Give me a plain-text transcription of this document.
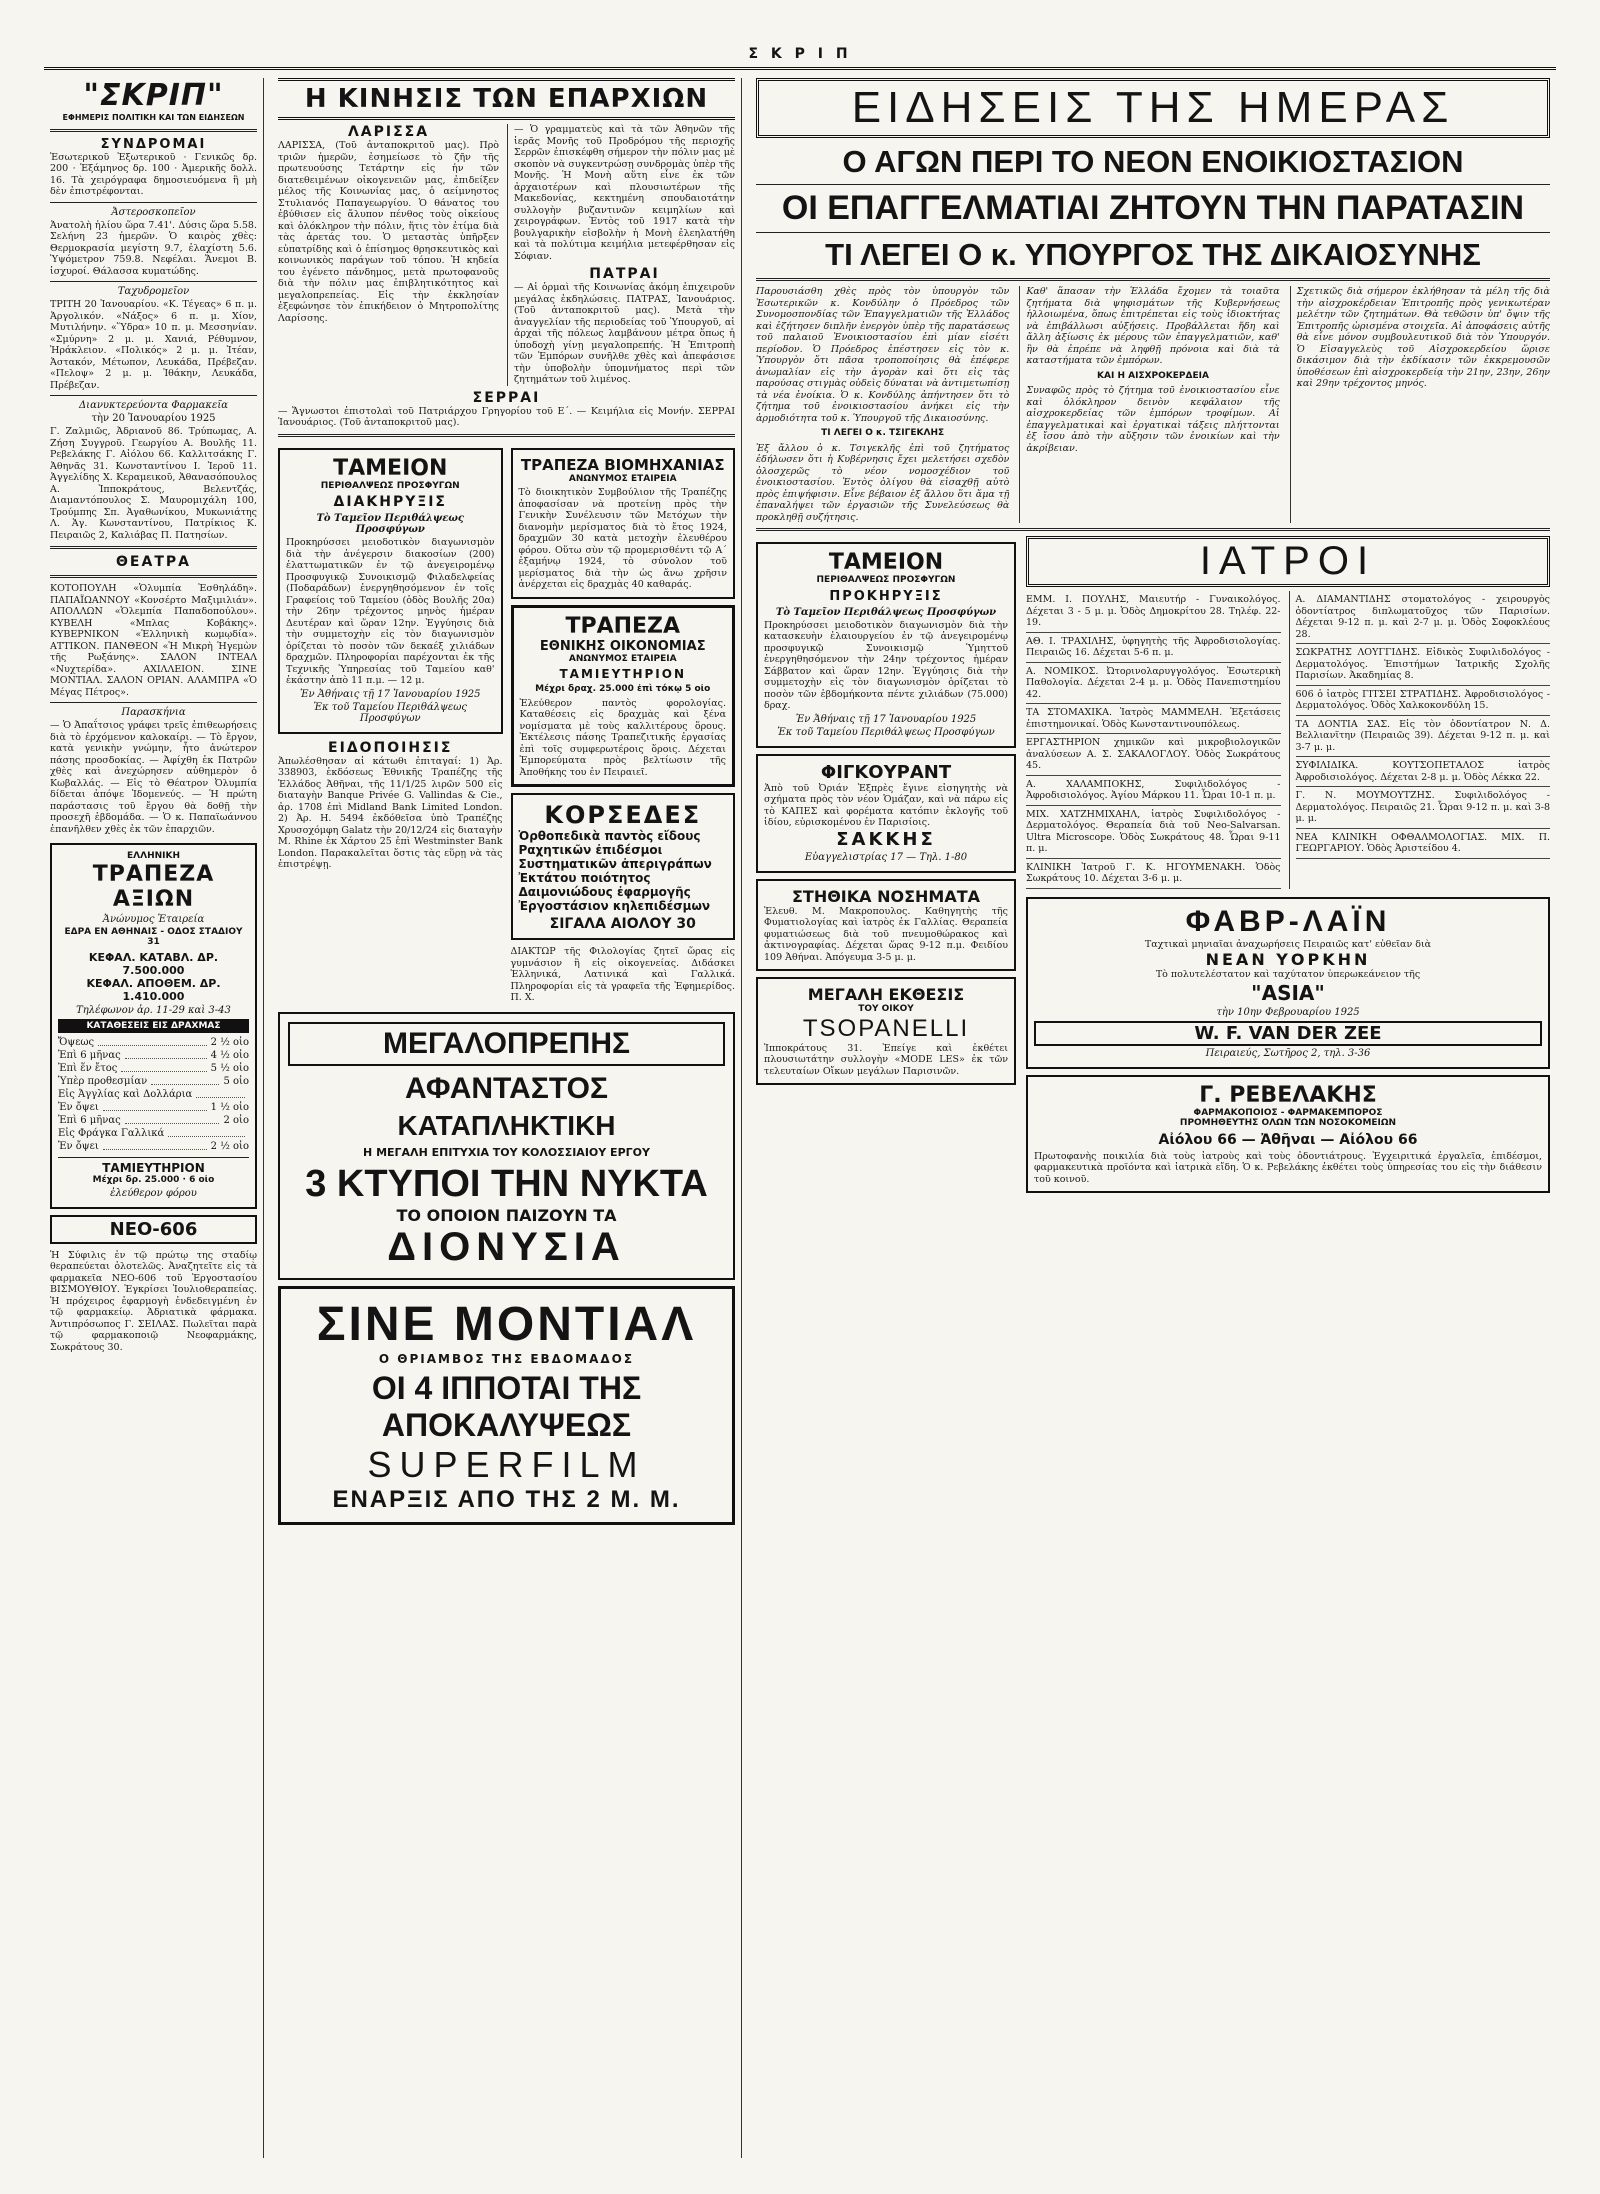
Σ Κ Ρ Ι Π
"ΣΚΡΙΠ"
ΕΦΗΜΕΡΙΣ ΠΟΛΙΤΙΚΗ ΚΑΙ ΤΩΝ ΕΙΔΗΣΕΩΝ
ΣΥΝΔΡΟΜΑΙ
Ἐσωτερικοῦ Ἐξωτερικοῦ · Γενικῶς δρ. 200 · Ἑξάμηνος δρ. 100 · Ἀμερικῆς δολλ. 16. Τὰ χειρόγραφα δημοσιευόμενα ἢ μὴ δὲν ἐπιστρέφονται.
Ἀστεροσκοπεῖον
Ἀνατολὴ ἡλίου ὥρα 7.41'. Δύσις ὥρα 5.58. Σελήνη 23 ἡμερῶν. Ὁ καιρὸς χθὲς: Θερμοκρασία μεγίστη 9.7, ἐλαχίστη 5.6. Ὑψόμετρον 759.8. Νεφέλαι. Ἄνεμοι Β. ἰσχυροί. Θάλασσα κυματώδης.
Ταχυδρομεῖον
ΤΡΙΤΗ 20 Ἰανουαρίου. «Κ. Τέγεας» 6 π. μ. Ἀργολικόν. «Νάξος» 6 π. μ. Χίον, Μυτιλήνην. «Ὕδρα» 10 π. μ. Μεσσηνίαν. «Σμύρνη» 2 μ. μ. Χανιά, Ρέθυμνον, Ἡράκλειον. «Πολικός» 2 μ. μ. Ἰτέαν, Ἀστακόν, Μέτωπον, Λευκάδα, Πρέβεζαν. «Πελοψ» 2 μ. μ. Ἰθάκην, Λευκάδα, Πρέβεζαν.
Διανυκτερεύοντα Φαρμακεῖα
τὴν 20 Ἰανουαρίου 1925
Γ. Ζαλμιῶς, Ἀδριανοῦ 86. Τρύπωμας, Α. Ζήση Συγγροῦ. Γεωργίου Α. Βουλῆς 11. Ρεβελάκης Γ. Αἰόλου 66. Καλλιτσάκης Γ. Ἀθηνᾶς 31. Κωνσταντίνου Ι. Ἱεροῦ 11. Ἀγγελίδης Χ. Κεραμεικοῦ, Ἀθανασόπουλος Α. Ἰπποκράτους, Βελεντζάς, Διαμαντόπουλος Σ. Μαυρομιχάλη 100, Τρούμπης Σπ. Ἀγαθωνίκου, Μυκωνιάτης Λ. Ἁγ. Κωνσταντίνου, Πατρίκιος Κ. Πειραιῶς 2, Καλιάβας Π. Πατησίων.
ΘΕΑΤΡΑ
ΚΟΤΟΠΟΥΛΗ «Ὁλυμπία Ἐσθηλάδη». ΠΑΠΑΪΩΑΝΝΟΥ «Κονσέρτο Μαξιμιλιάν». ΑΠΟΛΛΩΝ «Ὁλεμπία Παπαδοπούλου». ΚΥΒΕΛΗ «Μπλας Κοβάκης». ΚΥΒΕΡΝΙΚΟΝ «Ἑλληνικὴ κωμῳδία». ΑΤΤΙΚΟΝ. ΠΑΝΘΕΟΝ «Ἡ Μικρὴ Ἡγεμὼν τῆς Ρωξάνης». ΣΑΛΟΝ ΙΝΤΕΑΛ «Νυχτερίδα». ΑΧΙΛΛΕΙΟΝ. ΣΙΝΕ ΜΟΝΤΙΑΛ. ΣΑΛΟΝ ΟΡΙΑΝ. ΑΛΑΜΠΡΑ «Ὁ Μέγας Πέτρος».
Παρασκήνια
— Ὁ Ἀπαΐτσιος γράφει τρεῖς ἐπιθεωρήσεις διὰ τὸ ἐρχόμενον καλοκαίρι. — Τὸ ἔργον, κατὰ γενικὴν γνώμην, ἦτο ἀνώτερον πάσης προσδοκίας. — Ἀφίχθη ἐκ Πατρῶν χθὲς καὶ ἀνεχώρησεν αὐθημερὸν ὁ Κωβαλλάς. — Εἰς τὸ Θέατρον Ὀλυμπία δίδεται ἀπόψε Ἰδομενεύς. — Ἡ πρώτη παράστασις τοῦ ἔργου θὰ δοθῇ τὴν προσεχῆ ἑβδομάδα. — Ὁ κ. Παπαϊωάννου ἐπανῆλθεν χθὲς ἐκ τῶν ἐπαρχιῶν.
ΕΛΛΗΝΙΚΗ
ΤΡΑΠΕΖΑ ΑΞΙΩΝ
Ἀνώνυμος Ἑταιρεία
ΕΔΡΑ ΕΝ ΑΘΗΝΑΙΣ - ΟΔΟΣ ΣΤΑΔΙΟΥ 31
ΚΕΦΑΛ. ΚΑΤΑΒΛ. ΔΡ. 7.500.000
ΚΕΦΑΛ. ΑΠΟΘΕΜ. ΔΡ. 1.410.000
Τηλέφωνον ἀρ. 11-29 καὶ 3-43
ΚΑΤΑΘΕΣΕΙΣ ΕΙΣ ΔΡΑΧΜΑΣ
Ὄψεως	2 ½ οἰο
Ἐπὶ 6 μῆνας	4 ½ οἰο
Ἐπὶ ἕν ἔτος	5 ½ οἰο
Ὑπὲρ προθεσμίαν	5 οἰο
Εἰς Ἀγγλίας καὶ Δολλάρια
Ἐν ὄψει	1 ½ οἰο
Ἐπὶ 6 μῆνας	2 οἰο
Εἰς Φράγκα Γαλλικά
Ἐν ὄψει	2 ½ οἰο
ΤΑΜΙΕΥΤΗΡΙΟΝ
Μέχρι δρ. 25.000 · 6 οἰο
ἐλεύθερον φόρου
ΝΕΟ-606
Ἡ Σύφιλις ἐν τῷ πρώτῳ της σταδίῳ θεραπεύεται ὁλοτελῶς. Ἀναζητεῖτε εἰς τὰ φαρμακεῖα ΝΕΟ-606 τοῦ Ἐργοστασίου ΒΙΣΜΟΥΘΙΟΥ. Ἐγκρίσει Ἰουλιοθεραπείας. Ἡ πρόχειρος ἐφαρμογὴ ἐνδεδειγμένη ἐν τῷ φαρμακείῳ. Ἀδριατικὰ φάρμακα. Ἀντιπρόσωπος Γ. ΣΕΙΛΑΣ. Πωλεῖται παρὰ τῷ φαρμακοποιῷ Νεοφαρμάκης, Σωκράτους 30.
Η ΚΙΝΗΣΙΣ ΤΩΝ ΕΠΑΡΧΙΩΝ
ΛΑΡΙΣΣΑ
ΛΑΡΙΣΣΑ, (Τοῦ ἀνταποκριτοῦ μας). Πρὸ τριῶν ἡμερῶν, ἐσημείωσε τὸ ζῆν τῆς πρωτευούσης Τετάρτην εἰς ἡν τῶν διατεθειμένων οἰκογενειῶν μας, ἐπιδείξεν μέλος τῆς Κοινωνίας μας, ὁ αείμνηστος Στυλιανός Παπαγεωργίου. Ὁ θάνατος του ἐβύθισεν εἰς ἄλυπον πένθος τοὺς οἰκείους καὶ ὁλόκληρον τὴν πόλιν, ἥτις τὸν ἐτίμα διὰ τὰς ἀρετάς του. Ὁ μεταστὰς ὑπῆρξεν εὐπατρίδης καὶ ὁ ἐπίσημος θρησκευτικὸς καὶ κοινωνικὸς παράγων τοῦ τόπου. Ἡ κηδεία του ἐγένετο πάνδημος, μετὰ πρωτοφανοῦς διὰ τὴν πόλιν μας ἐπιβλητικότητος καὶ μεγαλοπρεπείας. Εἰς τὴν ἐκκλησίαν ἐξεφώνησε τὸν ἐπικήδειον ὁ Μητροπολίτης Λαρίσσης.
— Ὁ γραμματεὺς καὶ τὰ τῶν Ἀθηνῶν τῆς ἱερᾶς Μονῆς τοῦ Προδρόμου τῆς περιοχῆς Σερρῶν ἐπισκέφθη σήμερον τὴν πόλιν μας μὲ σκοπὸν νὰ συγκεντρώσῃ συνδρομὰς ὑπὲρ τῆς Μονῆς. Ἡ Μονὴ αὕτη εἶνε ἐκ τῶν ἀρχαιοτέρων καὶ πλουσιωτέρων τῆς Μακεδονίας, κεκτημένη σπουδαιοτάτην συλλογὴν βυζαντινῶν κειμηλίων καὶ χειρογράφων. Ἐντὸς τοῦ 1917 κατὰ τὴν βουλγαρικὴν εἰσβολὴν ἡ Μονὴ ἐλεηλατήθη καὶ τὰ πολύτιμα κειμήλια μετεφέρθησαν εἰς Σόφιαν.
ΠΑΤΡΑΙ
— Αἱ ὁρμαὶ τῆς Κοινωνίας ἀκόμη ἐπιχειροῦν μεγάλας ἐκδηλώσεις. ΠΑΤΡΑΣ, Ἰανουάριος. (Τοῦ ἀνταποκριτοῦ μας). Μετὰ τὴν ἀναγγελίαν τῆς περιοδείας τοῦ Ὑπουργοῦ, αἱ ἀρχαὶ τῆς πόλεως λαμβάνουν μέτρα ὅπως ἡ ὑποδοχὴ γίνῃ μεγαλοπρεπής. Ἡ Ἐπιτροπὴ τῶν Ἐμπόρων συνῆλθε χθὲς καὶ ἀπεφάσισε τὴν ὑποβολὴν ὑπομνήματος περὶ τῶν ζητημάτων τοῦ λιμένος.
ΣΕΡΡΑΙ
— Ἄγνωστοι ἐπιστολαὶ τοῦ Πατριάρχου Γρηγορίου τοῦ Ε΄. — Κειμήλια εἰς Μονήν. ΣΕΡΡΑΙ Ἰανουάριος. (Τοῦ ἀνταποκριτοῦ μας).
ΤΑΜΕΙΟΝ
ΠΕΡΙΘΑΛΨΕΩΣ ΠΡΟΣΦΥΓΩΝ
ΔΙΑΚΗΡΥΞΙΣ
Τὸ Ταμεῖον Περιθάλψεως Προσφύγων
Προκηρύσσει μειοδοτικὸν διαγωνισμὸν διὰ τὴν ἀνέγερσιν διακοσίων (200) ἐλαττωματικῶν ἐν τῷ ἀνεγειρομένῳ Προσφυγικῷ Συνοικισμῷ Φιλαδελφείας (Ποδαράδων) ἐνεργηθησόμενον ἐν τοῖς Γραφείοις τοῦ Ταμείου (ὁδὸς Βουλῆς 20α) τὴν 26ην τρέχοντος μηνὸς ἡμέραν Δευτέραν καὶ ὥραν 12ην. Ἐγγύησις διὰ τὴν συμμετοχὴν εἰς τὸν διαγωνισμὸν ὁρίζεται τὸ ποσὸν τῶν δεκαέξ χιλιάδων δραχμῶν. Πληροφορίαι παρέχονται ἐκ τῆς Τεχνικῆς Ὑπηρεσίας τοῦ Ταμείου καθ' ἑκάστην ἀπὸ 11 π.μ. — 12 μ.
Ἐν Ἀθήναις τῇ 17 Ἰανουαρίου 1925
Ἐκ τοῦ Ταμείου Περιθάλψεως Προσφύγων
ΕΙΔΟΠΟΙΗΣΙΣ
Ἀπωλέσθησαν αἱ κάτωθι ἐπιταγαί: 1) Ἀρ. 338903, ἐκδόσεως Ἐθνικῆς Τραπέζης τῆς Ἑλλάδος Ἀθῆναι, τῆς 11/1/25 λιρῶν 500 εἰς διαταγὴν Banque Privée G. Vallindas & Cie., ἀρ. 1708 ἐπὶ Midland Bank Limited London. 2) Ἀρ. Η. 5494 ἐκδόθεῖσα ὑπὸ Τραπέζης Χρυσοχόμφη Galatz τὴν 20/12/24 εἰς διαταγὴν Μ. Rhine ἐκ Χάρτου 25 ἐπὶ Westminster Bank London. Παρακαλεῖται ὅστις τὰς εὕρῃ νὰ τὰς ἐπιστρέψῃ.
ΤΡΑΠΕΖΑ ΒΙΟΜΗΧΑΝΙΑΣ
ΑΝΩΝΥΜΟΣ ΕΤΑΙΡΕΙΑ
Τὸ διοικητικὸν Συμβούλιον τῆς Τραπέζης ἀποφασίσαν νὰ προτείνῃ πρὸς τὴν Γενικὴν Συνέλευσιν τῶν Μετόχων τὴν διανομὴν μερίσματος διὰ τὸ ἔτος 1924, δραχμῶν 30 κατὰ μετοχὴν ἐλευθέρου φόρου. Οὕτω σὺν τῷ προμερισθέντι τῷ Α΄ ἑξαμήνῳ 1924, τὸ σύνολον τοῦ μερίσματος διὰ τὴν ὡς ἄνω χρῆσιν ἀνέρχεται εἰς δραχμὰς 40 καθαράς.
ΤΡΑΠΕΖΑ
ΕΘΝΙΚΗΣ ΟΙΚΟΝΟΜΙΑΣ
ΑΝΩΝΥΜΟΣ ΕΤΑΙΡΕΙΑ
ΤΑΜΙΕΥΤΗΡΙΟΝ
Μέχρι δραχ. 25.000 ἐπὶ τόκῳ 5 οἰο
Ἐλεύθερον παντὸς φορολογίας. Καταθέσεις εἰς δραχμὰς καὶ ξένα νομίσματα μὲ τοὺς καλλιτέρους ὅρους. Ἐκτέλεσις πάσης Τραπεζιτικῆς ἐργασίας ἐπὶ τοῖς συμφερωτέροις ὅροις. Δέχεται Ἐμπορεύματα πρὸς βελτίωσιν τῆς Ἀποθήκης του ἐν Πειραιεῖ.
ΚΟΡΣΕΔΕΣ
Ὀρθοπεδικὰ παντὸς εἴδους
Ραχητικῶν ἐπιδέσμοι
Συστηματικῶν ἀπεριγράπων
Ἐκτάτου ποιότητος
Δαιμονιώδους ἐφαρμογῆς
Ἐργοστάσιον κηλεπιδέσμων
ΣΙΓΑΛΑ ΑΙΟΛΟΥ 30
ΔΙΑΚΤΩΡ τῆς Φιλολογίας ζητεῖ ὥρας εἰς γυμνάσιον ἢ εἰς οἰκογενείας. Διδάσκει Ἑλληνικά, Λατινικά καὶ Γαλλικά. Πληροφορίαι εἰς τὰ γραφεῖα τῆς Ἐφημερίδος. Π. Χ.
ΜΕΓΑΛΟΠΡΕΠΗΣ
ΑΦΑΝΤΑΣΤΟΣ
ΚΑΤΑΠΛΗΚΤΙΚΗ
Η ΜΕΓΑΛΗ ΕΠΙΤΥΧΙΑ ΤΟΥ ΚΟΛΟΣΣΙΑΙΟΥ ΕΡΓΟΥ
3 ΚΤΥΠΟΙ ΤΗΝ ΝΥΚΤΑ
ΤΟ ΟΠΟΙΟΝ ΠΑΙΖΟΥΝ ΤΑ
ΔΙΟΝΥΣΙΑ
ΣΙΝΕ ΜΟΝΤΙΑΛ
Ο ΘΡΙΑΜΒΟΣ ΤΗΣ ΕΒΔΟΜΑΔΟΣ
ΟΙ 4 ΙΠΠΟΤΑΙ ΤΗΣ ΑΠΟΚΑΛΥΨΕΩΣ
SUPERFILM
ΕΝΑΡΞΙΣ ΑΠΟ ΤΗΣ 2 Μ. Μ.
ΕΙΔΗΣΕΙΣ ΤΗΣ ΗΜΕΡΑΣ
Ο ΑΓΩΝ ΠΕΡΙ ΤΟ ΝΕΟΝ ΕΝΟΙΚΙΟΣΤΑΣΙΟΝ
ΟΙ ΕΠΑΓΓΕΛΜΑΤΙΑΙ ΖΗΤΟΥΝ ΤΗΝ ΠΑΡΑΤΑΣΙΝ
ΤΙ ΛΕΓΕΙ Ο κ. ΥΠΟΥΡΓΟΣ ΤΗΣ ΔΙΚΑΙΟΣΥΝΗΣ
Παρουσιάσθη χθὲς πρὸς τὸν ὑπουργὸν τῶν Ἐσωτερικῶν κ. Κονδύλην ὁ Πρόεδρος τῶν Συνομοσπονδίας τῶν Ἐπαγγελματιῶν τῆς Ἑλλάδος καὶ ἐζήτησεν διπλῆν ἐνεργὸν ὑπὲρ τῆς παρατάσεως τοῦ παλαιοῦ Ἐνοικιοστασίου ἐπὶ μίαν εἰσέτι περίοδον. Ὁ Πρόεδρος ἐπέστησεν εἰς τὸν κ. Ὑπουργὸν ὅτι πᾶσα τροποποίησις θὰ ἐπέφερε ἀνωμαλίαν εἰς τὴν ἀγορὰν καὶ ὅτι εἰς τὰς παρούσας στιγμὰς οὐδεὶς δύναται νὰ ἀντιμετωπίσῃ τὰ νέα ἐνοίκια. Ὁ κ. Κονδύλης ἀπήντησεν ὅτι τὸ ζήτημα τοῦ ἐνοικιοστασίου ἀνήκει εἰς τὴν ἁρμοδιότητα τοῦ κ. Ὑπουργοῦ τῆς Δικαιοσύνης.
ΤΙ ΛΕΓΕΙ Ο κ. ΤΣΙΓΕΚΛΗΣ
Ἐξ ἄλλου ὁ κ. Τσιγεκλῆς ἐπὶ τοῦ ζητήματος ἐδήλωσεν ὅτι ἡ Κυβέρνησις ἔχει μελετήσει σχεδὸν ὁλοσχερῶς τὸ νέον νομοσχέδιον τοῦ ἐνοικιοστασίου. Ἐντὸς ὀλίγου θὰ εἰσαχθῇ αὐτὸ πρὸς ἐπιψήφισιν. Εἶνε βέβαιον ἐξ ἄλλου ὅτι ἅμα τῇ ἐπαναλήψει τῶν ἐργασιῶν τῆς Συνελεύσεως θὰ προκληθῇ συζήτησις.
Καθ' ἅπασαν τὴν Ἑλλάδα ἔχομεν τὰ τοιαῦτα ζητήματα διὰ ψηφισμάτων τῆς Κυβερνήσεως ἠλλοιωμένα, ὅπως ἐπιτρέπεται εἰς τοὺς ἰδιοκτήτας νὰ ἐπιβάλλωσι αὐξήσεις. Προβάλλεται ἤδη καὶ ἄλλη ἀξίωσις ἐκ μέρους τῶν ἐπαγγελματιῶν, καθ' ἣν θὰ ἐπρέπε νὰ ληφθῇ πρόνοια καὶ διὰ τὰ καταστήματα τῶν ἐμπόρων.
ΚΑΙ Η ΑΙΣΧΡΟΚΕΡΔΕΙΑ
Συναφῶς πρὸς τὸ ζήτημα τοῦ ἐνοικιοστασίου εἶνε καὶ ὁλόκληρον δεινὸν κεφάλαιον τῆς αἰσχροκερδείας τῶν ἐμπόρων τροφίμων. Αἱ ἐπαγγελματικαὶ καὶ ἐργατικαὶ τάξεις πλήττονται ἐξ ἴσου ἀπὸ τὴν αὔξησιν τῶν ἐνοικίων καὶ τὴν ἀκρίβειαν.
Σχετικῶς διὰ σήμερον ἐκλήθησαν τὰ μέλη τῆς διὰ τὴν αἰσχροκέρδειαν Ἐπιτροπῆς πρὸς γενικωτέραν μελέτην τῶν ζητημάτων. Θὰ τεθῶσιν ὑπ' ὄψιν τῆς Ἐπιτροπῆς ὡρισμένα στοιχεῖα. Αἱ ἀποφάσεις αὐτῆς θὰ εἶνε μόνον συμβουλευτικοῦ διὰ τὸν Ὑπουργόν. Ὁ Εἰσαγγελεὺς τοῦ Αἰσχροκερδείου ὥρισε δικάσιμον διὰ τὴν ἐκδίκασιν τῶν ἐκκρεμουσῶν ὑποθέσεων ἐπὶ αἰσχροκερδείᾳ τὴν 21ην, 23ην, 26ην καὶ 29ην τρέχοντος μηνός.
ΤΑΜΕΙΟΝ
ΠΕΡΙΘΑΛΨΕΩΣ ΠΡΟΣΦΥΓΩΝ
ΠΡΟΚΗΡΥΞΙΣ
Τὸ Ταμεῖον Περιθάλψεως Προσφύγων
Προκηρύσσει μειοδοτικὸν διαγωνισμὸν διὰ τὴν κατασκευὴν ἐλαιουργείου ἐν τῷ ἀνεγειρομένῳ προσφυγικῷ Συνοικισμῷ Ὑμηττοῦ ἐνεργηθησόμενον τὴν 24ην τρέχοντος ἡμέραν Σάββατον καὶ ὥραν 12ην. Ἐγγύησις διὰ τὴν συμμετοχὴν εἰς τὸν διαγωνισμὸν ὁρίζεται τὸ ποσὸν τῶν ἑβδομήκοντα πέντε χιλιάδων (75.000) δραχ.
Ἐν Ἀθήναις τῇ 17 Ἰανουαρίου 1925
Ἐκ τοῦ Ταμείου Περιθάλψεως Προσφύγων
ΦΙΓΚΟΥΡΑΝΤ
Ἀπὸ τοῦ Ὀριάν Ἐξπρὲς ἔγινε εἰσηγητὴς νὰ σχήματα πρὸς τὸν νέον Ὁμάζαν, καὶ νὰ πάρω εἰς τὸ ΚΑΠΕΣ καὶ φορέματα κατόπιν ἐκλογῆς τοῦ ἰδίου, εὐρισκομένου ἐν Παρισίοις.
ΣΑΚΚΗΣ
Εὐαγγελιστρίας 17 — Τηλ. 1-80
ΣΤΗΘΙΚΑ ΝΟΣΗΜΑΤΑ
Ἐλευθ. Μ. Μακροπουλος. Καθηγητὴς τῆς Φυματιολογίας καὶ ἰατρὸς ἐκ Γαλλίας. Θεραπεία φυματιώσεως διὰ τοῦ πνευμοθώρακος καὶ ἀκτινογραφίας. Δέχεται ὥρας 9-12 π.μ. Φειδίου 109 Ἀθήναι. Ἀπόγευμα 3-5 μ. μ.
ΜΕΓΑΛΗ ΕΚΘΕΣΙΣ
ΤΟΥ ΟΙΚΟΥ
TSOPANELLI
Ἱπποκράτους 31. Ἐπείγε καὶ ἐκθέτει πλουσιωτάτην συλλογὴν «MODE LES» ἐκ τῶν τελευταίων Οἴκων μεγάλων Παρισινῶν.
ΙΑΤΡΟΙ
ΕΜΜ. Ι. ΠΟΥΛΗΣ, Μαιευτήρ - Γυναικολόγος. Δέχεται 3 - 5 μ. μ. Ὁδὸς Δημοκρίτου 28. Τηλέφ. 22-19.
ΑΘ. Ι. ΤΡΑΧΙΛΗΣ, ὑφηγητὴς τῆς Ἀφροδισιολογίας. Πειραιῶς 16. Δέχεται 5-6 π. μ.
Α. ΝΟΜΙΚΟΣ. Ὠτορινολαρυγγολόγος. Ἐσωτερικὴ Παθολογία. Δέχεται 2-4 μ. μ. Ὁδὸς Πανεπιστημίου 42.
ΤΑ ΣΤΟΜΑΧΙΚΑ. Ἰατρὸς ΜΑΜΜΕΛΗ. Ἐξετάσεις ἐπιστημονικαί. Ὁδὸς Κωνσταντινουπόλεως.
ΕΡΓΑΣΤΗΡΙΟΝ χημικῶν καὶ μικροβιολογικῶν ἀναλύσεων Α. Σ. ΣΑΚΑΛΟΓΛΟΥ. Ὁδὸς Σωκράτους 45.
Α. ΧΑΛΑΜΠΟΚΗΣ, Συφιλιδολόγος - Ἀφροδισιολόγος. Ἀγίου Μάρκου 11. Ὧραι 10-1 π. μ.
ΜΙΧ. ΧΑΤΖΗΜΙΧΑΗΛ, ἰατρὸς Συφιλιδολόγος - Δερματολόγος. Θεραπεία διὰ τοῦ Neo-Salvarsan. Ultra Microscope. Ὁδὸς Σωκράτους 48. Ὧραι 9-11 π. μ.
ΚΛΙΝΙΚΗ Ἰατροῦ Γ. Κ. ΗΓΟΥΜΕΝΑΚΗ. Ὁδὸς Σωκράτους 10. Δέχεται 3-6 μ. μ.
Α. ΔΙΑΜΑΝΤΙΔΗΣ στοματολόγος - χειρουργὸς ὀδοντίατρος διπλωματοῦχος τῶν Παρισίων. Δέχεται 9-12 π. μ. καὶ 2-7 μ. μ. Ὁδὸς Σοφοκλέους 28.
ΣΩΚΡΑΤΗΣ ΛΟΥΓΓΙΔΗΣ. Εἰδικὸς Συφιλιδολόγος - Δερματολόγος. Ἐπιστήμων Ἰατρικῆς Σχολῆς Παρισίων. Ἀκαδημίας 8.
606 ὁ ἰατρὸς ΓΙΤΣΕΙ ΣΤΡΑΤΙΔΗΣ. Ἀφροδισιολόγος - Δερματολόγος. Ὁδὸς Χαλκοκονδύλη 15.
ΤΑ ΔΟΝΤΙΑ ΣΑΣ. Εἰς τὸν ὀδοντίατρον Ν. Δ. Βελλιανῖτην (Πειραιῶς 39). Δέχεται 9-12 π. μ. καὶ 3-7 μ. μ.
ΣΥΦΙΛΙΔΙΚΑ. ΚΟΥΤΣΟΠΕΤΑΛΟΣ ἰατρὸς Ἀφροδισιολόγος. Δέχεται 2-8 μ. μ. Ὁδὸς Λέκκα 22.
Γ. Ν. ΜΟΥΜΟΥΤΖΗΣ. Συφιλιδολόγος - Δερματολόγος. Πειραιῶς 21. Ὧραι 9-12 π. μ. καὶ 3-8 μ. μ.
ΝΕΑ ΚΛΙΝΙΚΗ ΟΦΘΑΛΜΟΛΟΓΙΑΣ. ΜΙΧ. Π. ΓΕΩΡΓΑΡΙΟΥ. Ὁδὸς Ἀριστείδου 4.
ΦΑΒΡ-ΛΑΪΝ
Ταχτικαὶ μηνιαῖαι ἀναχωρήσεις Πειραιῶς κατ' εὐθεῖαν διὰ
ΝΕΑΝ ΥΟΡΚΗΝ
Τὸ πολυτελέστατον καὶ ταχύτατον ὑπερωκεάνειον τῆς
"ASIA"
τὴν 10ην Φεβρουαρίου 1925
W. F. VAN DER ZEE
Πειραιεύς, Σωτῆρος 2, τηλ. 3-36
Γ. ΡΕΒΕΛΑΚΗΣ
ΦΑΡΜΑΚΟΠΟΙΟΣ - ΦΑΡΜΑΚΕΜΠΟΡΟΣ
ΠΡΟΜΗΘΕΥΤΗΣ ΟΛΩΝ ΤΩΝ ΝΟΣΟΚΟΜΕΙΩΝ
Αἰόλου 66 — Ἀθῆναι — Αἰόλου 66
Πρωτοφανὴς ποικιλία διὰ τοὺς ἰατροὺς καὶ τοὺς ὀδοντιάτρους. Ἐγχειριτικά ἐργαλεῖα, ἐπιδέσμοι, φαρμακευτικὰ προϊόντα καὶ ἰατρικὰ εἴδη. Ὁ κ. Ρεβελάκης ἐκθέτει τοὺς ὑπηρεσίας του εἰς τὴν διάθεσιν τοῦ κοινοῦ.
